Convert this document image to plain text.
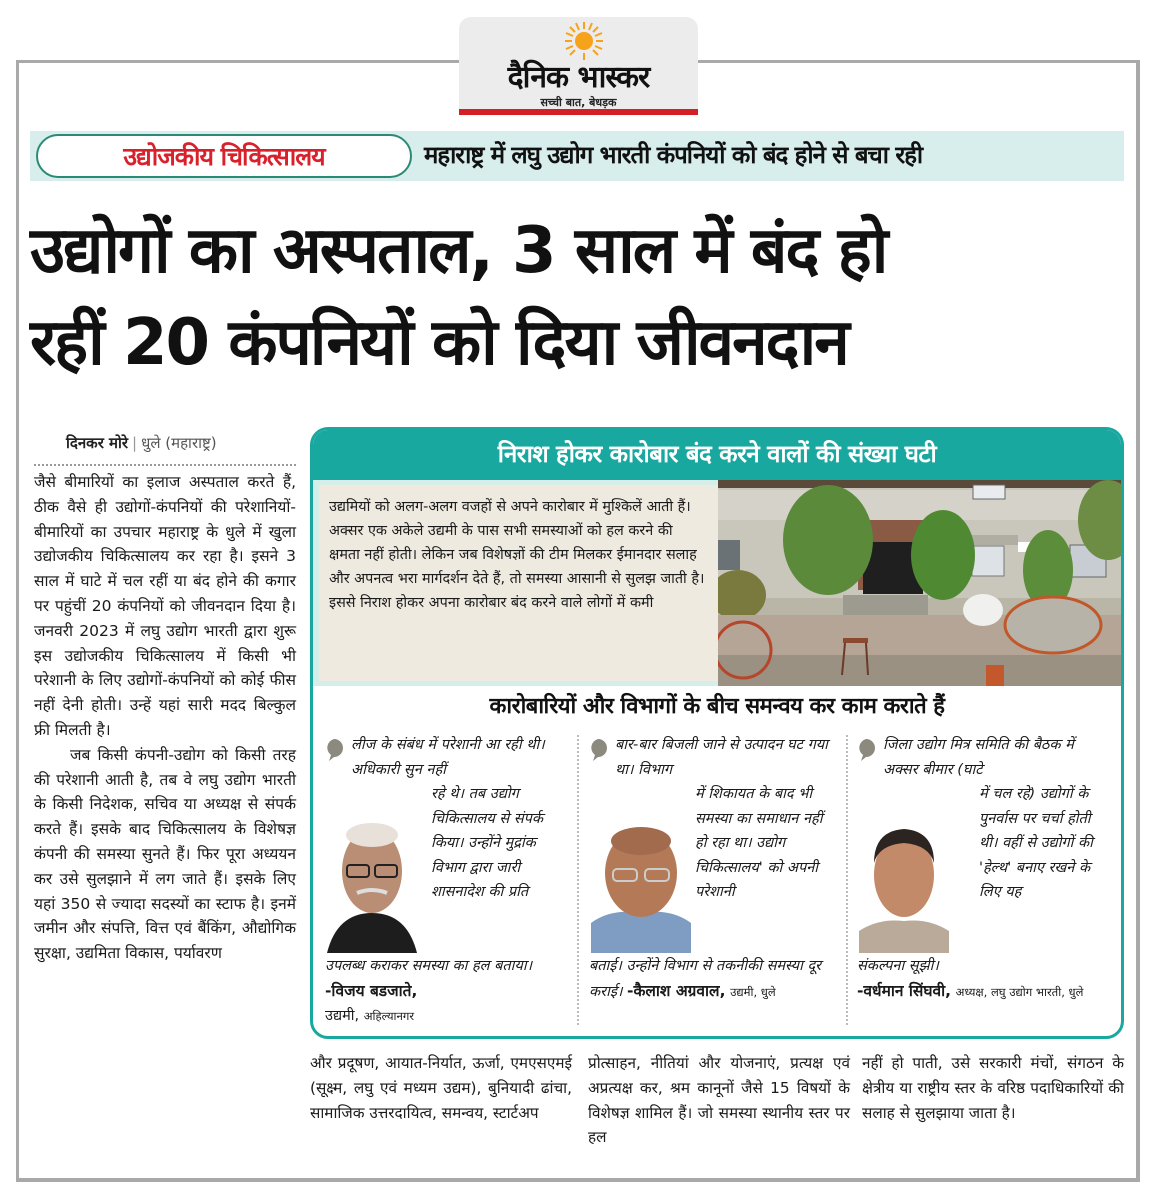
दैनिक भास्कर
सच्ची बात, बेधड़क
उद्योजकीय चिकित्सालय	महाराष्ट्र में लघु उद्योग भारती कंपनियों को बंद होने से बचा रही
उद्योगों का अस्पताल, 3 साल में बंद हो
रहीं 20 कंपनियों को दिया जीवनदान
दिनकर मोरे | धुले (महाराष्ट्र)

जैसे बीमारियों का इलाज अस्पताल करते हैं, ठीक वैसे ही उद्योगों-कंपनियों की परेशानियों-बीमारियों का उपचार महाराष्ट्र के धुले में खुला उद्योजकीय चिकित्सालय कर रहा है। इसने 3 साल में घाटे में चल रहीं या बंद होने की कगार पर पहुंचीं 20 कंपनियों को जीवनदान दिया है। जनवरी 2023 में लघु उद्योग भारती द्वारा शुरू इस उद्योजकीय चिकित्सालय में किसी भी परेशानी के लिए उद्योगों-कंपनियों को कोई फीस नहीं देनी होती। उन्हें यहां सारी मदद बिल्कुल फ्री मिलती है।

जब किसी कंपनी-उद्योग को किसी तरह की परेशानी आती है, तब वे लघु उद्योग भारती के किसी निदेशक, सचिव या अध्यक्ष से संपर्क करते हैं। इसके बाद चिकित्सालय के विशेषज्ञ कंपनी की समस्या सुनते हैं। फिर पूरा अध्ययन कर उसे सुलझाने में लग जाते हैं। इसके लिए यहां 350 से ज्यादा सदस्यों का स्टाफ है। इनमें जमीन और संपत्ति, वित्त एवं बैंकिंग, औद्योगिक सुरक्षा, उद्यमिता विकास, पर्यावरण

निराश होकर कारोबार बंद करने वालों की संख्या घटी
उद्यमियों को अलग-अलग वजहों से अपने कारोबार में मुश्किलें आती हैं। अक्सर एक अकेले उद्यमी के पास सभी समस्याओं को हल करने की क्षमता नहीं होती। लेकिन जब विशेषज्ञों की टीम मिलकर ईमानदार सलाह और अपनत्व भरा मार्गदर्शन देते हैं, तो समस्या आसानी से सुलझ जाती है। इससे निराश होकर अपना कारोबार बंद करने वाले लोगों में कमी
कारोबारियों और विभागों के बीच समन्वय कर काम कराते हैं
लीज के संबंध में परेशानी आ रही थी। अधिकारी सुन नहीं
रहे थे। तब उद्योग चिकित्सालय से संपर्क किया। उन्होंने मुद्रांक विभाग द्वारा जारी शासनादेश की प्रति
उपलब्ध कराकर समस्या का हल बताया। -विजय बडजाते,
उद्यमी, अहिल्यानगर
बार-बार बिजली जाने से उत्पादन घट गया था। विभाग
में शिकायत के बाद भी समस्या का समाधान नहीं हो रहा था। उद्योग चिकित्सालय' को अपनी परेशानी
बताई। उन्होंने विभाग से तकनीकी समस्या दूर कराई। -कैलाश अग्रवाल, उद्यमी, धुले
जिला उद्योग मित्र समिति की बैठक में अक्सर बीमार (घाटे
में चल रहे) उद्योगों के पुनर्वास पर चर्चा होती थी। वहीं से उद्योगों की 'हेल्थ' बनाए रखने के लिए यह
संकल्पना सूझी।
-वर्धमान सिंघवी, अध्यक्ष, लघु उद्योग भारती, धुले
और प्रदूषण, आयात-निर्यात, ऊर्जा, एमएसएमई (सूक्ष्म, लघु एवं मध्यम उद्यम), बुनियादी ढांचा, सामाजिक उत्तरदायित्व, समन्वय, स्टार्टअप
प्रोत्साहन, नीतियां और योजनाएं, प्रत्यक्ष एवं अप्रत्यक्ष कर, श्रम कानूनों जैसे 15 विषयों के विशेषज्ञ शामिल हैं। जो समस्या स्थानीय स्तर पर हल
नहीं हो पाती, उसे सरकारी मंचों, संगठन के क्षेत्रीय या राष्ट्रीय स्तर के वरिष्ठ पदाधिकारियों की सलाह से सुलझाया जाता है।
